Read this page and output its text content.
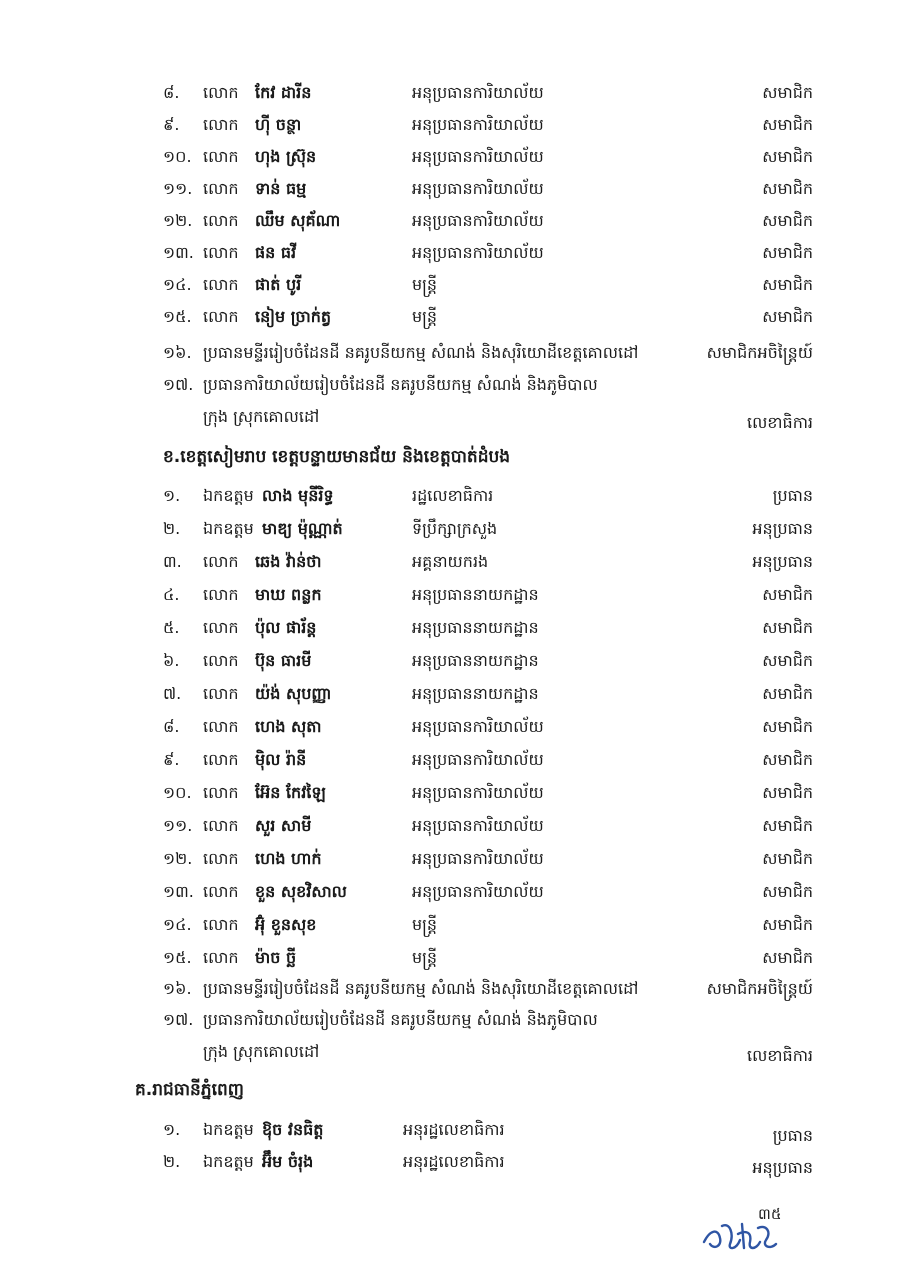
៨. លោក កែវ ដារីន	អនុប្រធានការិយាល័យ	សមាជិក
៩. លោក ហ៊ី ចន្ថា	អនុប្រធានការិយាល័យ	សមាជិក
១០. លោក ហុង ស្រ៊ុន	អនុប្រធានការិយាល័យ	សមាជិក
១១. លោក ទាន់ ធម្ម	អនុប្រធានការិយាល័យ	សមាជិក
១២. លោក ឈឹម សុគ័ណា	អនុប្រធានការិយាល័យ	សមាជិក
១៣. លោក ផន ធវី	អនុប្រធានការិយាល័យ	សមាជិក
១៤. លោក ផាត់ បូរី	មន្រ្តី	សមាជិក
១៥. លោក នៀម ច្រាក់ត្វ	មន្រ្តី	សមាជិក
១៦. ប្រធានមន្ទីររៀបចំដែនដី នគរូបនីយកម្ម សំណង់ និងសុរិយោដីខេត្តគោលដៅ	សមាជិកអចិន្ត្រៃយ៍
១៧. ប្រធានការិយាល័យរៀបចំដែនដី នគរូបនីយកម្ម សំណង់ និងភូមិបាល
ក្រុង ស្រុកគោលដៅ	លេខាធិការ
ខ.ខេត្តសៀមរាប ខេត្តបន្ទាយមានជ័យ និងខេត្តបាត់ដំបង
១. ឯកឧត្តម លាង មុនីរិទ្ធ	រដ្ឋលេខាធិការ	ប្រធាន
២. ឯកឧត្តម មាឌ្យ ម៉ុណ្ណាត់	ទីប្រឹក្សាក្រសួង	អនុប្រធាន
៣. លោក ឆេង វ៉ាន់ថា	អគ្គនាយករង	អនុប្រធាន
៤. លោក មាឃ ពន្លក	អនុប្រធាននាយកដ្ឋាន	សមាជិក
៥. លោក ប៉ុល ផារ័ន្ត	អនុប្រធាននាយកដ្ឋាន	សមាជិក
៦. លោក ប៊ុន ធារមី	អនុប្រធាននាយកដ្ឋាន	សមាជិក
៧. លោក យ៉ង់ សុបញ្ញា	អនុប្រធាននាយកដ្ឋាន	សមាជិក
៨. លោក ហេង សុតា	អនុប្រធានការិយាល័យ	សមាជិក
៩. លោក ម៉ិល រ៉ានី	អនុប្រធានការិយាល័យ	សមាជិក
១០. លោក អ៊ែន កែវឡៃ	អនុប្រធានការិយាល័យ	សមាជិក
១១. លោក សួរ សាមី	អនុប្រធានការិយាល័យ	សមាជិក
១២. លោក ហេង ហាក់	អនុប្រធានការិយាល័យ	សមាជិក
១៣. លោក ខួន សុខវិសាល	អនុប្រធានការិយាល័យ	សមាជិក
១៤. លោក អ៊ុំ ខួនសុខ	មន្រ្តី	សមាជិក
១៥. លោក ម៉ាច ច្ឆី	មន្រ្តី	សមាជិក
១៦. ប្រធានមន្ទីររៀបចំដែនដី នគរូបនីយកម្ម សំណង់ និងសុរិយោដីខេត្តគោលដៅ	សមាជិកអចិន្ត្រៃយ៍
១៧. ប្រធានការិយាល័យរៀបចំដែនដី នគរូបនីយកម្ម សំណង់ និងភូមិបាល
ក្រុង ស្រុកគោលដៅ	លេខាធិការ
គ.រាជធានីភ្នំពេញ
១. ឯកឧត្តម ឱុច វនធិត្ត	អនុរដ្ឋលេខាធិការ	ប្រធាន
២. ឯកឧត្តម អ៊ឹម ចំរុង	អនុរដ្ឋលេខាធិការ	អនុប្រធាន
៣៥
